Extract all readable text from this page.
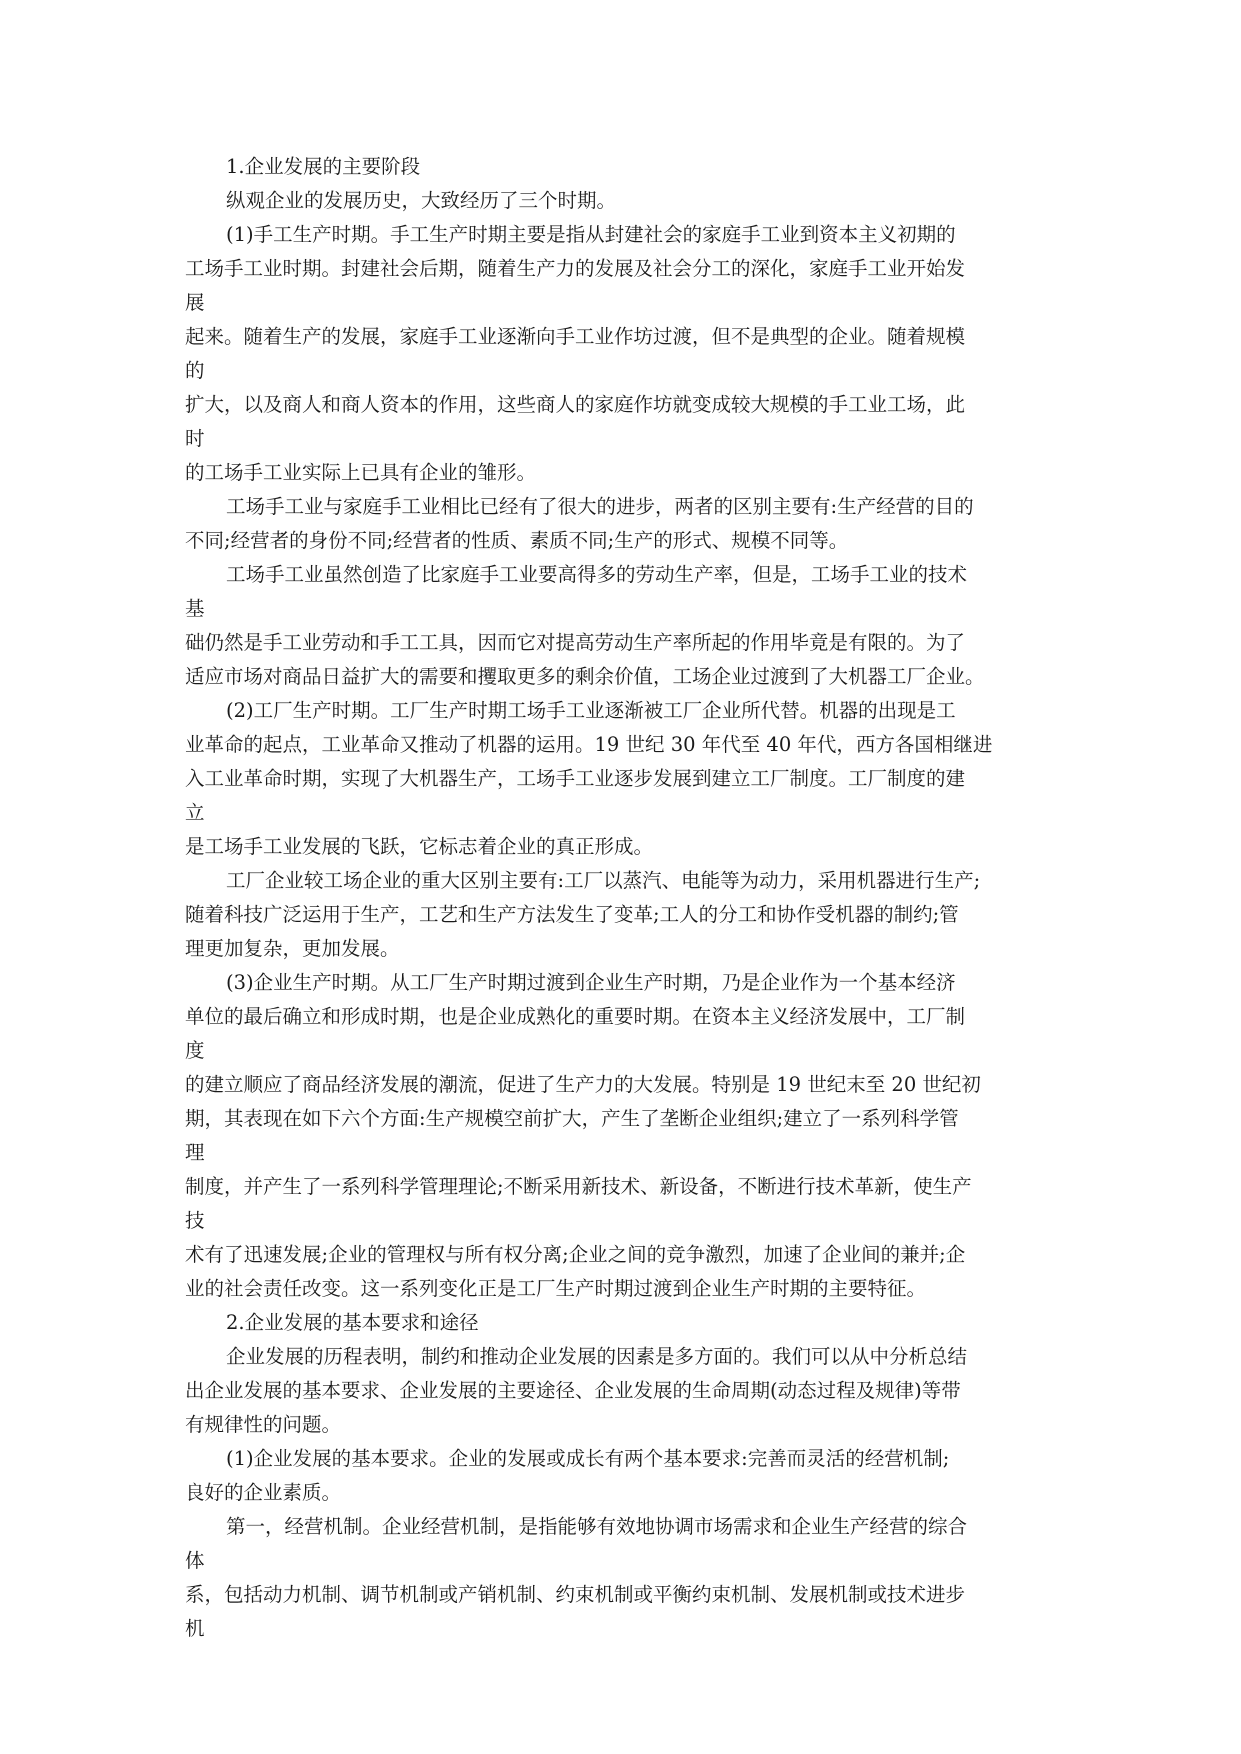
1.企业发展的主要阶段
纵观企业的发展历史，大致经历了三个时期。
(1)手工生产时期。手工生产时期主要是指从封建社会的家庭手工业到资本主义初期的
工场手工业时期。封建社会后期，随着生产力的发展及社会分工的深化，家庭手工业开始发
展
起来。随着生产的发展，家庭手工业逐渐向手工业作坊过渡，但不是典型的企业。随着规模
的
扩大，以及商人和商人资本的作用，这些商人的家庭作坊就变成较大规模的手工业工场，此
时
的工场手工业实际上已具有企业的雏形。
工场手工业与家庭手工业相比已经有了很大的进步，两者的区别主要有:生产经营的目的
不同;经营者的身份不同;经营者的性质、素质不同;生产的形式、规模不同等。
工场手工业虽然创造了比家庭手工业要高得多的劳动生产率，但是，工场手工业的技术
基
础仍然是手工业劳动和手工工具，因而它对提高劳动生产率所起的作用毕竟是有限的。为了
适应市场对商品日益扩大的需要和攫取更多的剩余价值，工场企业过渡到了大机器工厂企业。
(2)工厂生产时期。工厂生产时期工场手工业逐渐被工厂企业所代替。机器的出现是工
业革命的起点，工业革命又推动了机器的运用。19 世纪 30 年代至 40 年代，西方各国相继进
入工业革命时期，实现了大机器生产，工场手工业逐步发展到建立工厂制度。工厂制度的建
立
是工场手工业发展的飞跃，它标志着企业的真正形成。
工厂企业较工场企业的重大区别主要有:工厂以蒸汽、电能等为动力，采用机器进行生产;
随着科技广泛运用于生产，工艺和生产方法发生了变革;工人的分工和协作受机器的制约;管
理更加复杂，更加发展。
(3)企业生产时期。从工厂生产时期过渡到企业生产时期，乃是企业作为一个基本经济
单位的最后确立和形成时期，也是企业成熟化的重要时期。在资本主义经济发展中，工厂制
度
的建立顺应了商品经济发展的潮流，促进了生产力的大发展。特别是 19 世纪末至 20 世纪初
期，其表现在如下六个方面:生产规模空前扩大，产生了垄断企业组织;建立了一系列科学管
理
制度，并产生了一系列科学管理理论;不断采用新技术、新设备，不断进行技术革新，使生产
技
术有了迅速发展;企业的管理权与所有权分离;企业之间的竞争激烈，加速了企业间的兼并;企
业的社会责任改变。这一系列变化正是工厂生产时期过渡到企业生产时期的主要特征。
2.企业发展的基本要求和途径
企业发展的历程表明，制约和推动企业发展的因素是多方面的。我们可以从中分析总结
出企业发展的基本要求、企业发展的主要途径、企业发展的生命周期(动态过程及规律)等带
有规律性的问题。
(1)企业发展的基本要求。企业的发展或成长有两个基本要求:完善而灵活的经营机制;
良好的企业素质。
第一，经营机制。企业经营机制，是指能够有效地协调市场需求和企业生产经营的综合
体
系，包括动力机制、调节机制或产销机制、约束机制或平衡约束机制、发展机制或技术进步
机
